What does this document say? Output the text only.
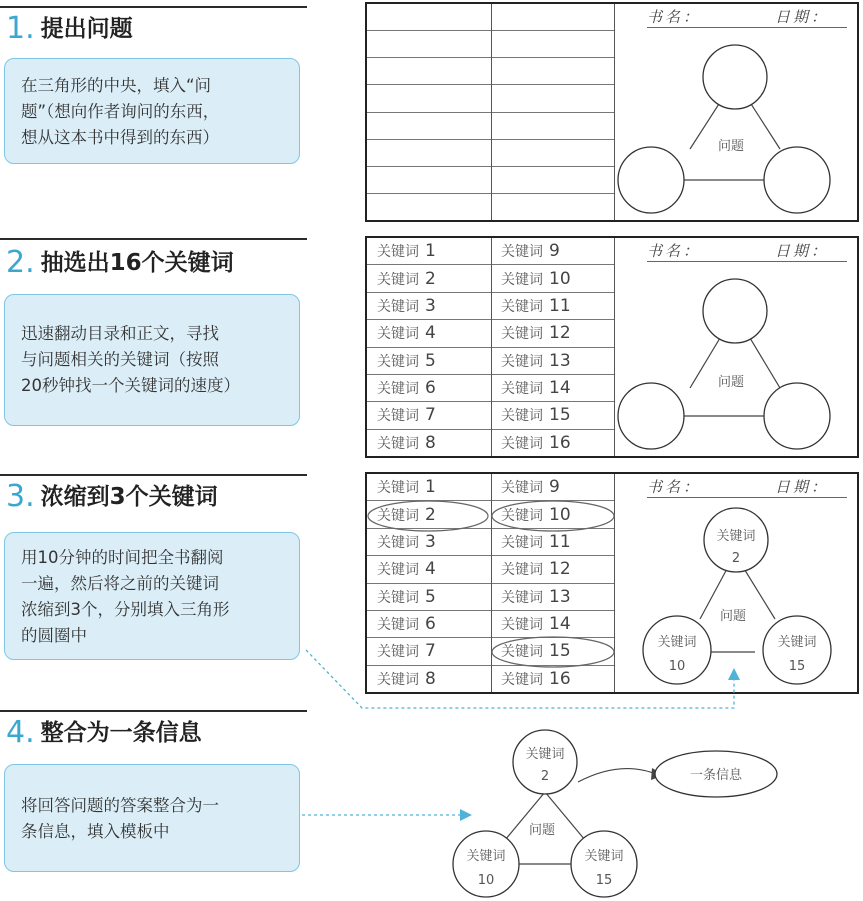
1. 提出问题
在三角形的中央，填入“问
题”（想向作者询问的东西，
想从这本书中得到的东西）
2. 抽选出16个关键词
迅速翻动目录和正文，寻找
与问题相关的关键词（按照
20秒钟找一个关键词的速度）
3. 浓缩到3个关键词
用10分钟的时间把全书翻阅
一遍，然后将之前的关键词
浓缩到3个，分别填入三角形
的圆圈中
4. 整合为一条信息
将回答问题的答案整合为一
条信息，填入模板中
书名：	日期：
问题
关键词 1	关键词 9
关键词 2	关键词 10
关键词 3	关键词 11
关键词 4	关键词 12
关键词 5	关键词 13
关键词 6	关键词 14
关键词 7	关键词 15
关键词 8	关键词 16
书名：	日期：
问题
关键词 1	关键词 9
关键词 2	关键词 10
关键词 3	关键词 11
关键词 4	关键词 12
关键词 5	关键词 13
关键词 6	关键词 14
关键词 7	关键词 15
关键词 8	关键词 16
书名：	日期：
关键词
2
关键词
10
关键词
15
问题
关键词
2
关键词
10
关键词
15
问题
一条信息
